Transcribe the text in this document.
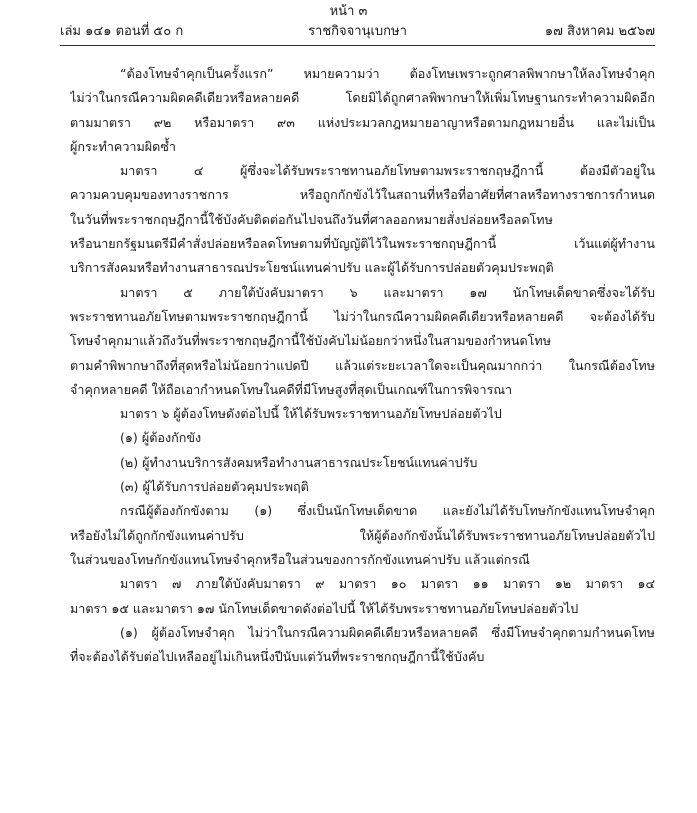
หน้า ๓
เล่ม ๑๔๑ ตอนที่ ๕๐ ก	ราชกิจจานุเบกษา	๑๗ สิงหาคม ๒๕๖๗
“ต้องโทษจำคุกเป็นครั้งแรก” หมายความว่า ต้องโทษเพราะถูกศาลพิพากษาให้ลงโทษจำคุก
ไม่ว่าในกรณีความผิดคดีเดียวหรือหลายคดี โดยมิได้ถูกศาลพิพากษาให้เพิ่มโทษฐานกระทำความผิดอีก
ตามมาตรา ๙๒ หรือมาตรา ๙๓ แห่งประมวลกฎหมายอาญาหรือตามกฎหมายอื่น และไม่เป็น
ผู้กระทำความผิดซ้ำ
มาตรา ๔ ผู้ซึ่งจะได้รับพระราชทานอภัยโทษตามพระราชกฤษฎีกานี้ ต้องมีตัวอยู่ใน
ความควบคุมของทางราชการ หรือถูกกักขังไว้ในสถานที่หรือที่อาศัยที่ศาลหรือทางราชการกำหนด
ในวันที่พระราชกฤษฎีกานี้ใช้บังคับติดต่อกันไปจนถึงวันที่ศาลออกหมายสั่งปล่อยหรือลดโทษ
หรือนายกรัฐมนตรีมีคำสั่งปล่อยหรือลดโทษตามที่บัญญัติไว้ในพระราชกฤษฎีกานี้ เว้นแต่ผู้ทำงาน
บริการสังคมหรือทำงานสาธารณประโยชน์แทนค่าปรับ และผู้ได้รับการปล่อยตัวคุมประพฤติ
มาตรา ๕ ภายใต้บังคับมาตรา ๖ และมาตรา ๑๗ นักโทษเด็ดขาดซึ่งจะได้รับ
พระราชทานอภัยโทษตามพระราชกฤษฎีกานี้ ไม่ว่าในกรณีความผิดคดีเดียวหรือหลายคดี จะต้องได้รับ
โทษจำคุกมาแล้วถึงวันที่พระราชกฤษฎีกานี้ใช้บังคับไม่น้อยกว่าหนึ่งในสามของกำหนดโทษ
ตามคำพิพากษาถึงที่สุดหรือไม่น้อยกว่าแปดปี แล้วแต่ระยะเวลาใดจะเป็นคุณมากกว่า ในกรณีต้องโทษ
จำคุกหลายคดี ให้ถือเอากำหนดโทษในคดีที่มีโทษสูงที่สุดเป็นเกณฑ์ในการพิจารณา
มาตรา ๖ ผู้ต้องโทษดังต่อไปนี้ ให้ได้รับพระราชทานอภัยโทษปล่อยตัวไป
(๑) ผู้ต้องกักขัง
(๒) ผู้ทำงานบริการสังคมหรือทำงานสาธารณประโยชน์แทนค่าปรับ
(๓) ผู้ได้รับการปล่อยตัวคุมประพฤติ
กรณีผู้ต้องกักขังตาม (๑) ซึ่งเป็นนักโทษเด็ดขาด และยังไม่ได้รับโทษกักขังแทนโทษจำคุก
หรือยังไม่ได้ถูกกักขังแทนค่าปรับ ให้ผู้ต้องกักขังนั้นได้รับพระราชทานอภัยโทษปล่อยตัวไป
ในส่วนของโทษกักขังแทนโทษจำคุกหรือในส่วนของการกักขังแทนค่าปรับ แล้วแต่กรณี
มาตรา ๗ ภายใต้บังคับมาตรา ๙ มาตรา ๑๐ มาตรา ๑๑ มาตรา ๑๒ มาตรา ๑๔
มาตรา ๑๕ และมาตรา ๑๗ นักโทษเด็ดขาดดังต่อไปนี้ ให้ได้รับพระราชทานอภัยโทษปล่อยตัวไป
(๑) ผู้ต้องโทษจำคุก ไม่ว่าในกรณีความผิดคดีเดียวหรือหลายคดี ซึ่งมีโทษจำคุกตามกำหนดโทษ
ที่จะต้องได้รับต่อไปเหลืออยู่ไม่เกินหนึ่งปีนับแต่วันที่พระราชกฤษฎีกานี้ใช้บังคับ
